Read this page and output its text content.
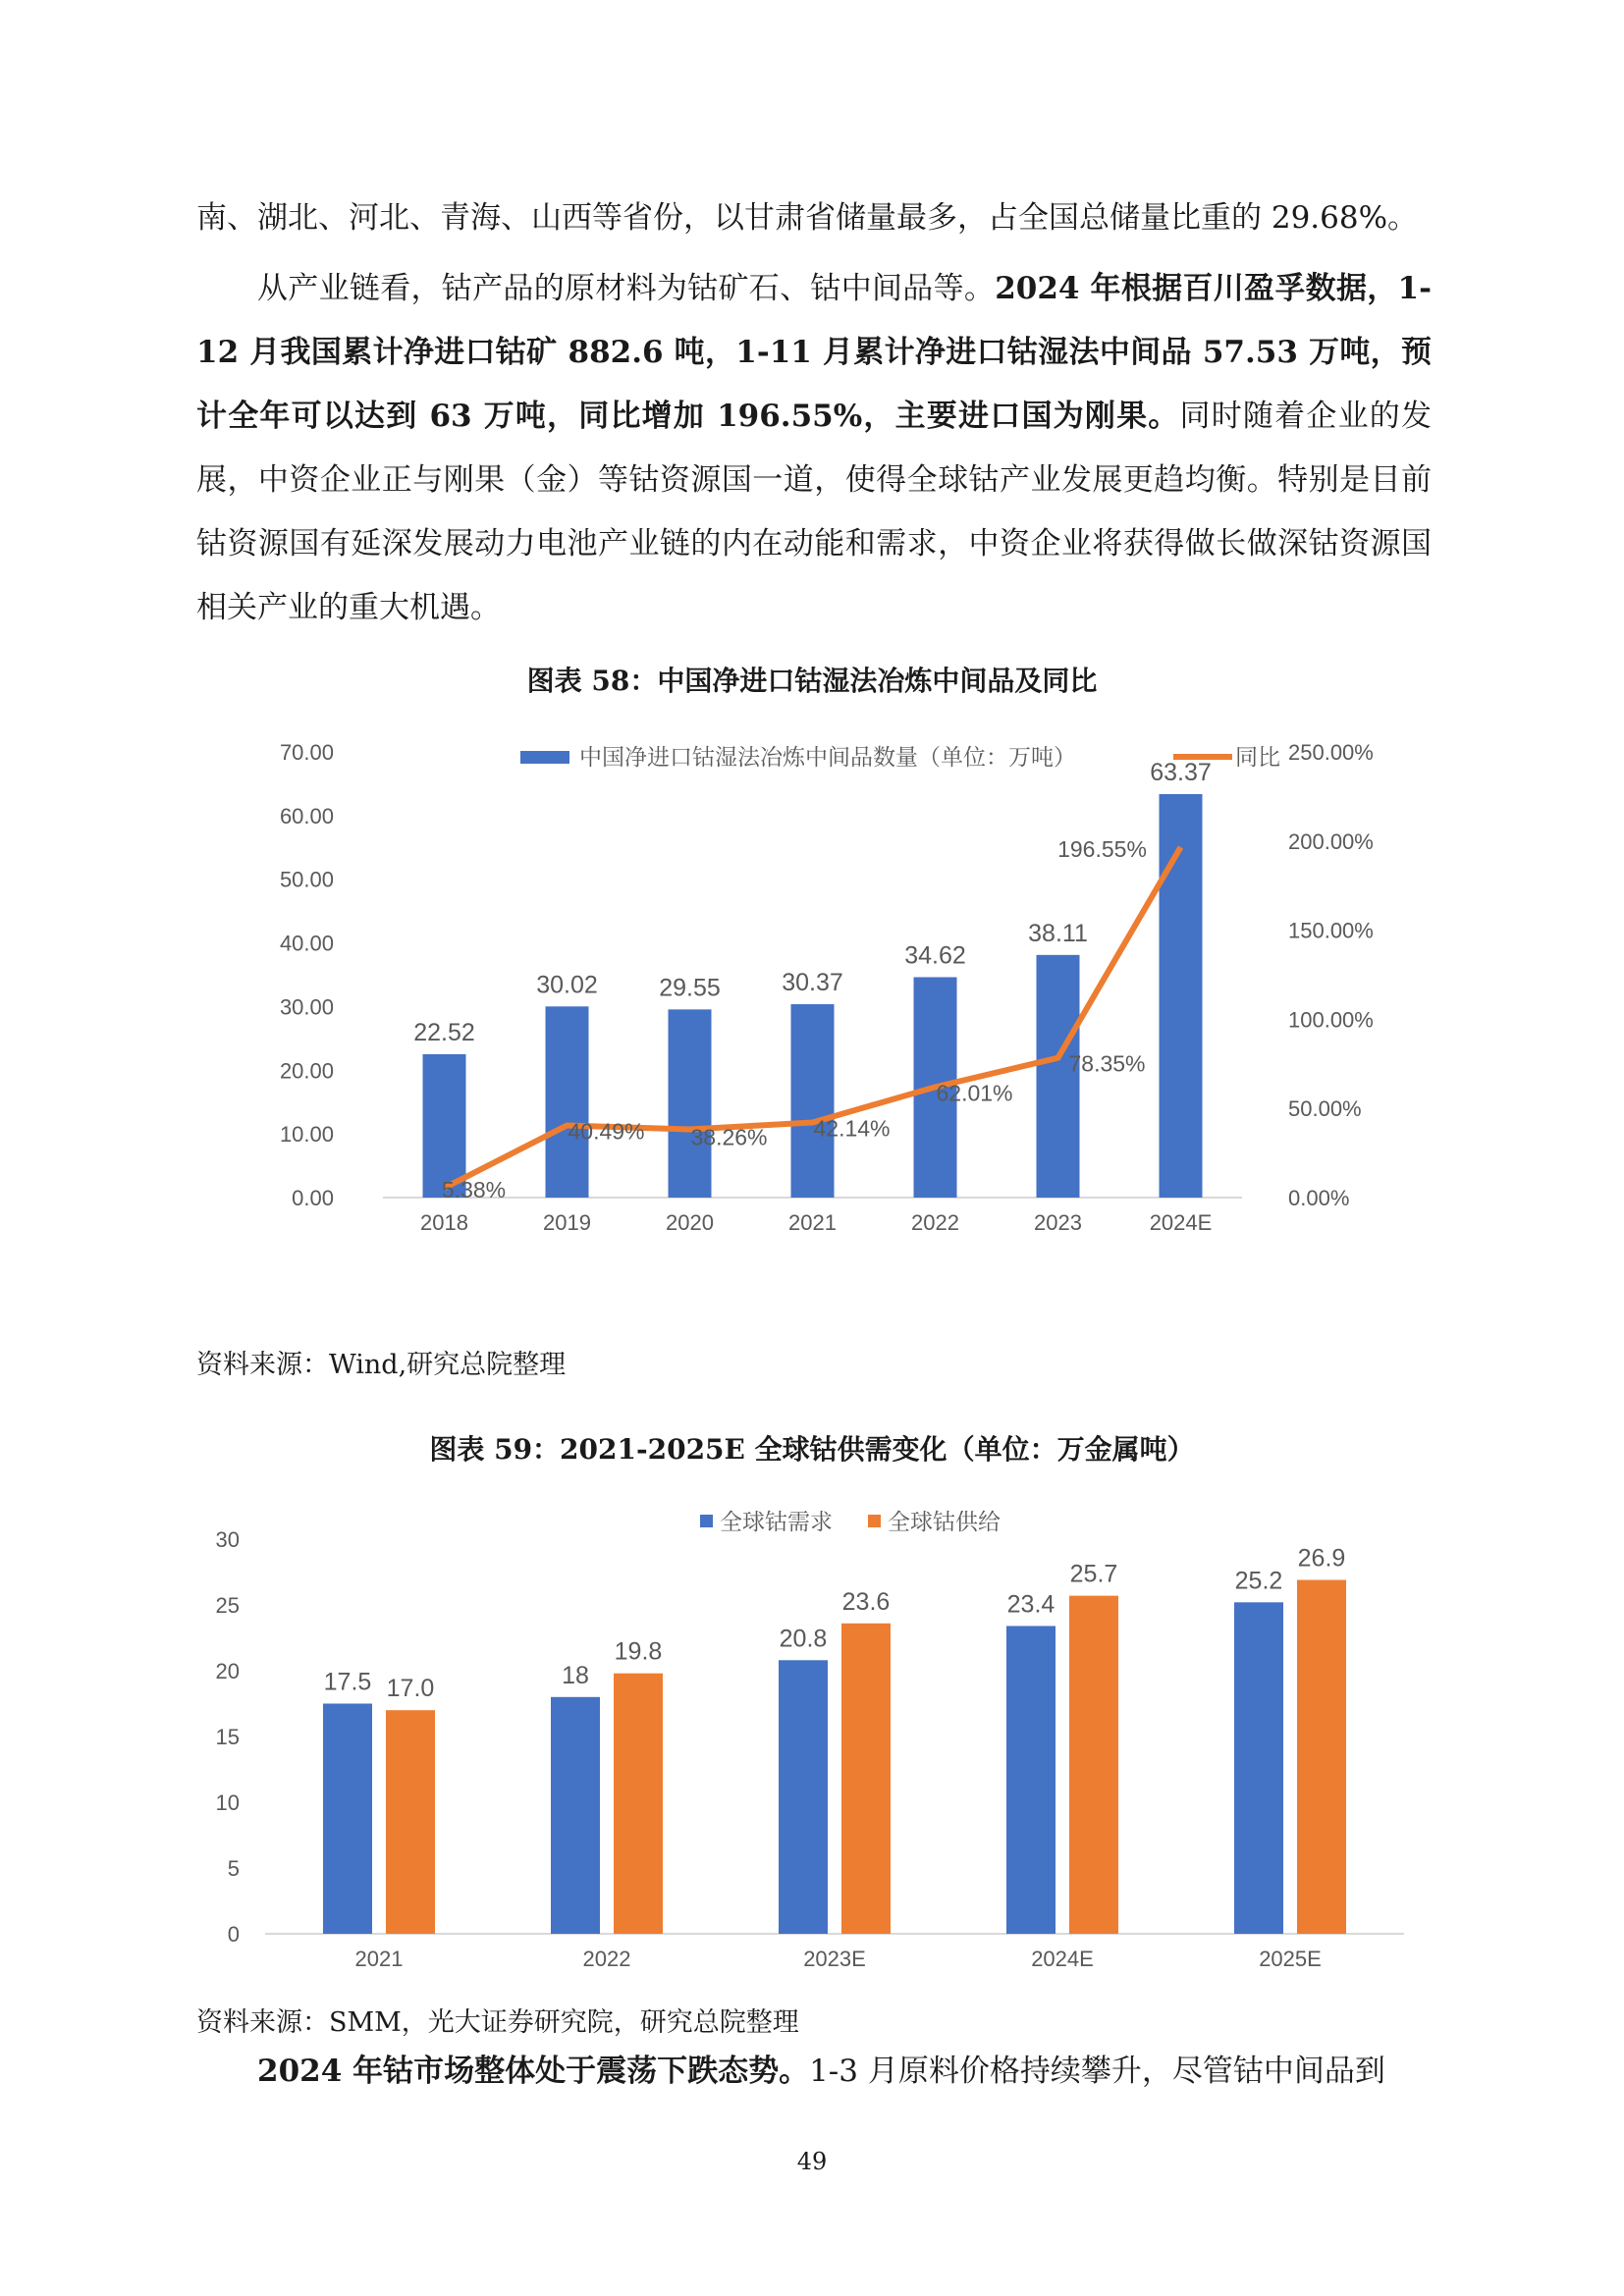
南、湖北、河北、青海、山西等省份，以甘肃省储量最多，占全国总储量比重的 29.68%。

从产业链看，钴产品的原材料为钴矿石、钴中间品等。2024 年根据百川盈孚数据，1-12 月我国累计净进口钴矿 882.6 吨，1-11 月累计净进口钴湿法中间品 57.53 万吨，预计全年可以达到 63 万吨，同比增加 196.55%，主要进口国为刚果。同时随着企业的发展，中资企业正与刚果（金）等钴资源国一道，使得全球钴产业发展更趋均衡。特别是目前钴资源国有延深发展动力电池产业链的内在动能和需求，中资企业将获得做长做深钴资源国相关产业的重大机遇。

图表 58：中国净进口钴湿法冶炼中间品及同比

0.00
10.00
20.00
30.00
40.00
50.00
60.00
70.00
0.00%
50.00%
100.00%
150.00%
200.00%
250.00%
22.52
2018
30.02
2019
29.55
2020
30.37
2021
34.62
2022
38.11
2023
63.37
2024E
5.38%
40.49% 38.26% 42.14%
62.01%
78.35%
196.55%
中国净进口钴湿法冶炼中间品数量（单位：万吨）	同比

资料来源：Wind,研究总院整理

图表 59：2021-2025E 全球钴供需变化（单位：万金属吨）

0
5
10
15
20
25
30
17.5 17.0
2021
18
19.8
2022
20.8
23.6
2023E
23.4
25.7
2024E
25.2
26.9
2025E
全球钴需求 全球钴供给

资料来源：SMM，光大证券研究院，研究总院整理

2024 年钴市场整体处于震荡下跌态势。1-3 月原料价格持续攀升，尽管钴中间品到

49
